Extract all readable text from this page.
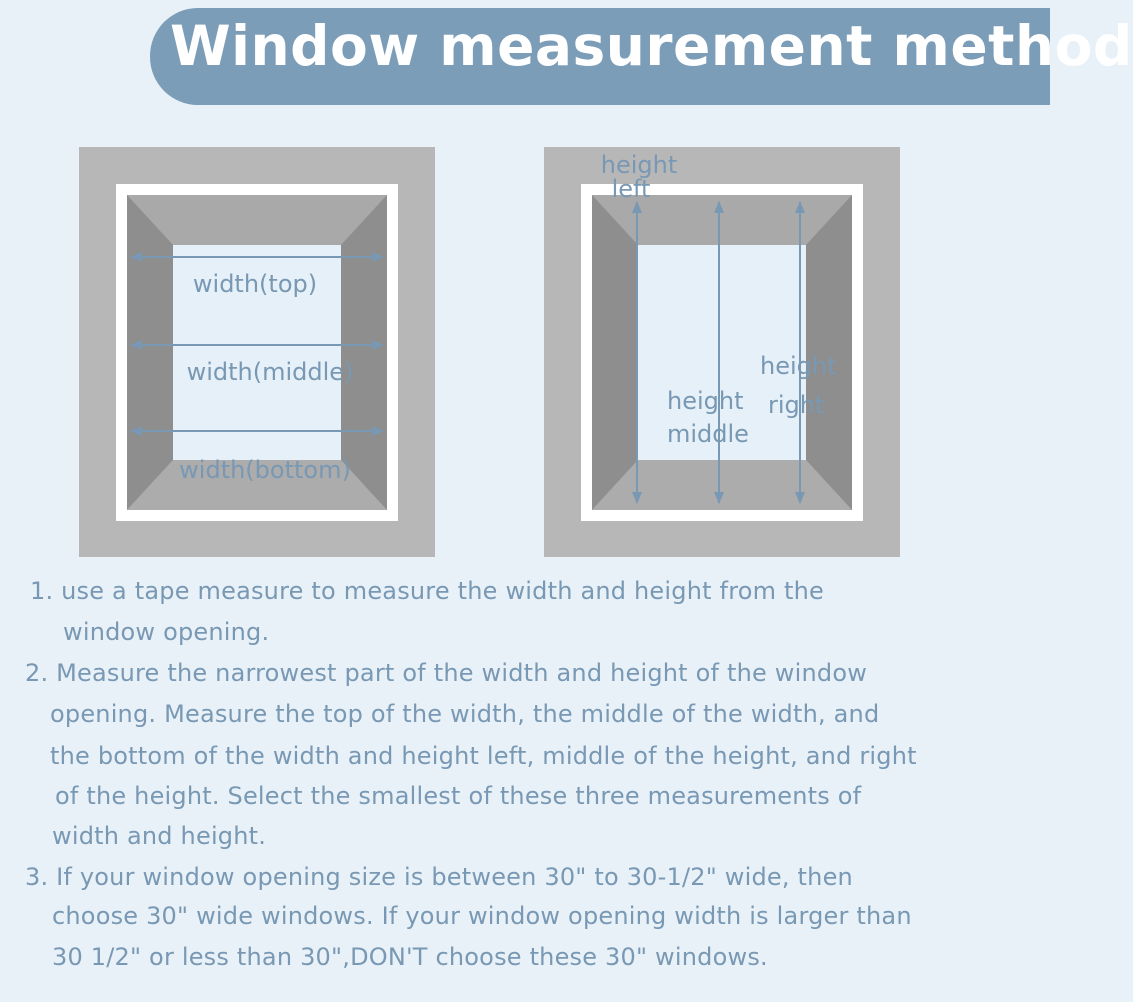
Window measurement method
width(top)
width(middle)
width(bottom)
height
left
height
middle
height
right
1. use a tape measure to measure the width and height from the
window opening.
2. Measure the narrowest part of the width and height of the window
opening. Measure the top of the width, the middle of the width, and
the bottom of the width and height left, middle of the height, and right
of the height. Select the smallest of these three measurements of
width and height.
3. If your window opening size is between 30" to 30-1/2" wide, then
choose 30" wide windows. If your window opening width is larger than
30 1/2" or less than 30",DON'T choose these 30" windows.
